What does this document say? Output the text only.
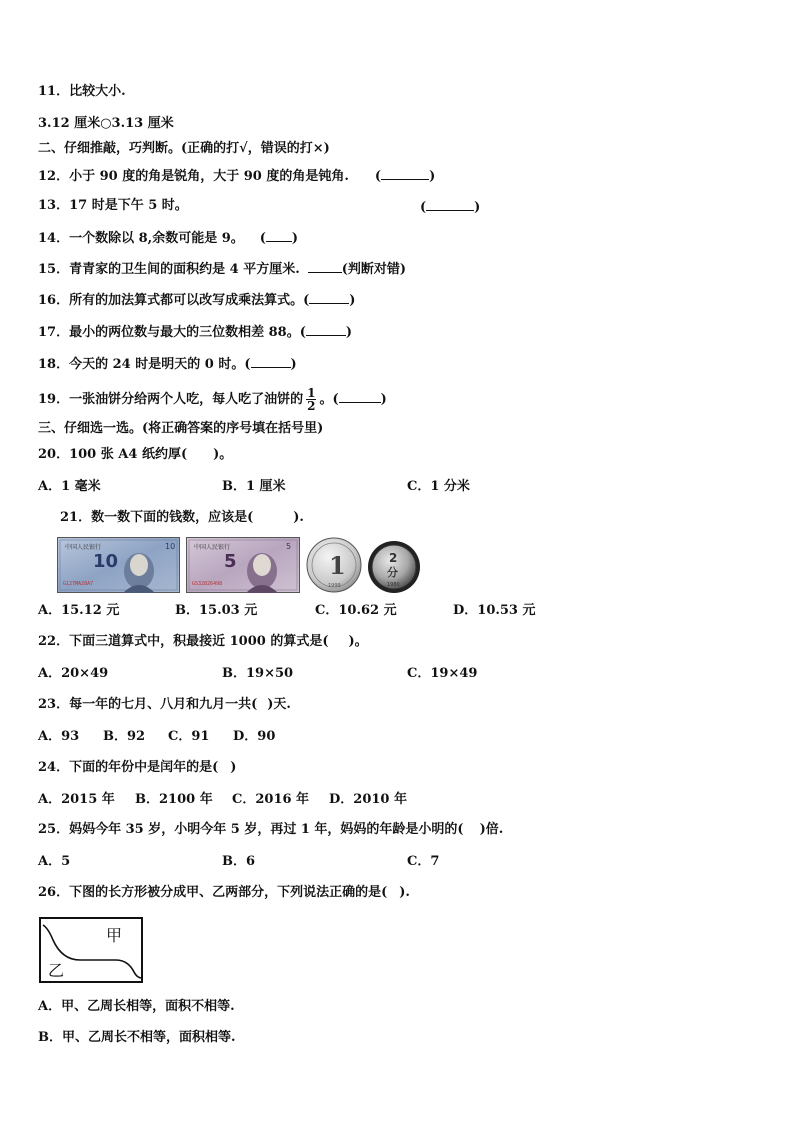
11．比较大小.
3.12 厘米○3.13 厘米
二、仔细推敲，巧判断。(正确的打√，错误的打×)
12．小于 90 度的角是锐角，大于 90 度的角是钝角. (	)
13．17 时是下午 5 时。	(	)
14．一个数除以 8,余数可能是 9。 ( )
15．青青家的卫生间的面积约是 4 平方厘米.	(判断对错)
16．所有的加法算式都可以改写成乘法算式。(	)
17．最小的两位数与最大的三位数相差 88。(	)
18．今天的 24 时是明天的 0 时。(	)
19．一张油饼分给两个人吃，每人吃了油饼的 $\frac{1}{2}$ 。(	)
三、仔细选一选。(将正确答案的序号填在括号里)
20．100 张 A4 纸约厚( )。
A．1 毫米	B．1 厘米	C．1 分米
21．数一数下面的钱数，应该是(	).
中国人民银行
10
10
G127MA28A7
中国人民银行
5
5
GS32826498
1
1999
2
分
1980
A．15.12 元	B．15.03 元	C．10.62 元	D．10.53 元
22．下面三道算式中，积最接近 1000 的算式是( )。
A．20×49	B．19×50	C．19×49
23．每一年的七月、八月和九月一共( )天.
A．93 B．92 C．91 D．90
24．下面的年份中是闰年的是( )
A．2015 年 B．2100 年 C．2016 年 D．2010 年
25．妈妈今年 35 岁，小明今年 5 岁，再过 1 年，妈妈的年龄是小明的( )倍.
A．5	B．6	C．7
26．下图的长方形被分成甲、乙两部分，下列说法正确的是( ).
甲
乙
A．甲、乙周长相等，面积不相等.
B．甲、乙周长不相等，面积相等.
